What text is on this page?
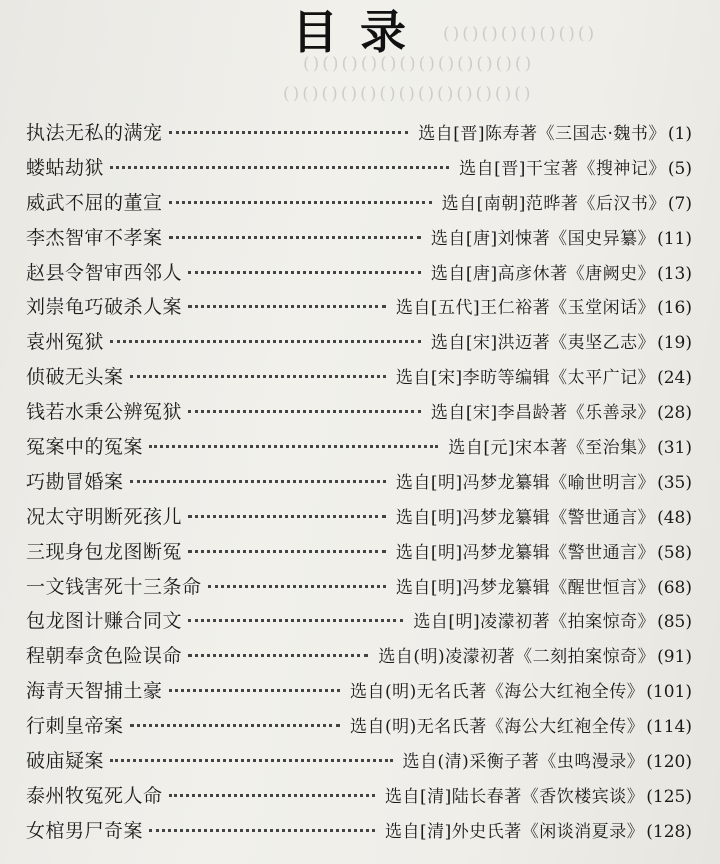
()()()()()()()()
()()()()()()()()()()()()
()()()()()()()()()()()()()
目录
执法无私的满宠	选自[晋]陈寿著《三国志·魏书》 (1)
蝼蛄劫狱	选自[晋]干宝著《搜神记》 (5)
威武不屈的董宣	选自[南朝]范晔著《后汉书》 (7)
李杰智审不孝案	选自[唐]刘悚著《国史异纂》 (11)
赵县令智审西邻人	选自[唐]高彦休著《唐阙史》 (13)
刘崇龟巧破杀人案	选自[五代]王仁裕著《玉堂闲话》 (16)
袁州冤狱	选自[宋]洪迈著《夷坚乙志》 (19)
侦破无头案	选自[宋]李昉等编辑《太平广记》 (24)
钱若水秉公辨冤狱	选自[宋]李昌龄著《乐善录》 (28)
冤案中的冤案	选自[元]宋本著《至治集》 (31)
巧勘冒婚案	选自[明]冯梦龙纂辑《喻世明言》 (35)
况太守明断死孩儿	选自[明]冯梦龙纂辑《警世通言》 (48)
三现身包龙图断冤	选自[明]冯梦龙纂辑《警世通言》 (58)
一文钱害死十三条命	选自[明]冯梦龙纂辑《醒世恒言》 (68)
包龙图计赚合同文	选自[明]凌濛初著《拍案惊奇》 (85)
程朝奉贪色险误命	选自(明)凌濛初著《二刻拍案惊奇》 (91)
海青天智捕土豪	选自(明)无名氏著《海公大红袍全传》 (101)
行刺皇帝案	选自(明)无名氏著《海公大红袍全传》 (114)
破庙疑案	选自(清)采衡子著《虫鸣漫录》 (120)
泰州牧冤死人命	选自[清]陆长春著《香饮楼宾谈》 (125)
女棺男尸奇案	选自[清]外史氏著《闲谈消夏录》 (128)
